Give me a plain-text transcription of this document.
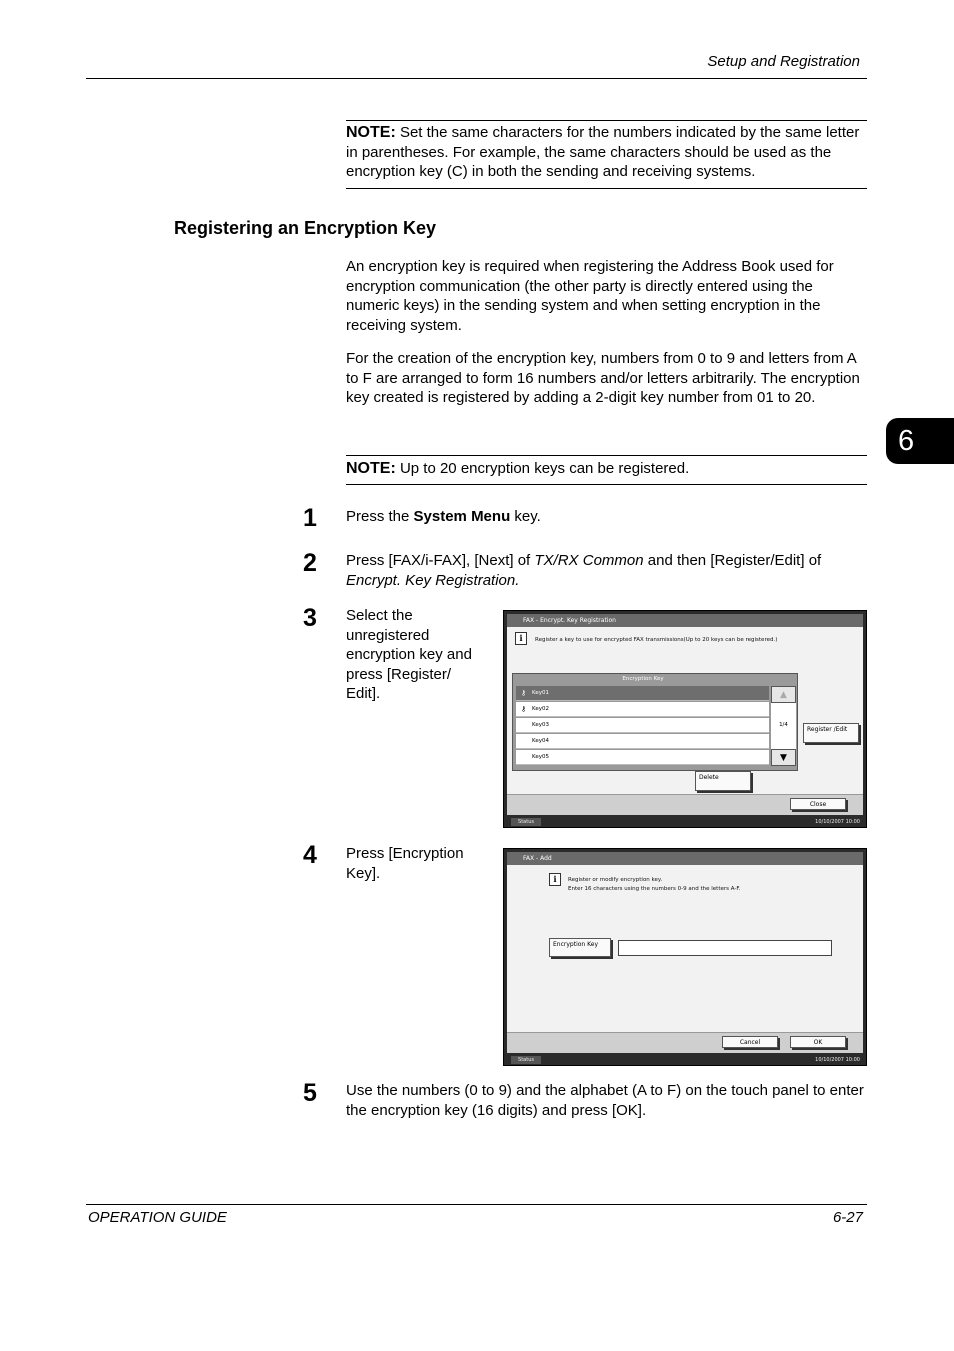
Setup and Registration

NOTE: Set the same characters for the numbers indicated by the same letter in parentheses. For example, the same characters should be used as the encryption key (C) in both the sending and receiving systems.

Registering an Encryption Key

An encryption key is required when registering the Address Book used for encryption communication (the other party is directly entered using the numeric keys) in the sending system and when setting encryption in the receiving system.

For the creation of the encryption key, numbers from 0 to 9 and letters from A to F are arranged to form 16 numbers and/or letters arbitrarily. The encryption key created is registered by adding a 2-digit key number from 01 to 20.

NOTE: Up to 20 encryption keys can be registered.

6
1 Press the System Menu key.

2 Press [FAX/i-FAX], [Next] of TX/RX Common and then [Register/Edit] of Encrypt. Key Registration.

3 Select the unregistered encryption key and press [Register/ Edit].

4 Press [Encryption Key].

5 Use the numbers (0 to 9) and the alphabet (A to F) on the touch panel to enter the encryption key (16 digits) and press [OK].

FAX - Encrypt. Key Registration
i	Register a key to use for encrypted FAX transmissions(Up to 20 keys can be registered.)
Encryption Key
⚷ Key01
⚷ Key02
Key03
Key04
Key05
▲
1/4
▼
Register /Edit
Delete
Close
Status	10/10/2007 10:00
FAX - Add
i	Register or modify encryption key.
Enter 16 characters using the numbers 0-9 and the letters A-F.
Encryption Key
Cancel	OK
Status	10/10/2007 10:00
OPERATION GUIDE	6-27
